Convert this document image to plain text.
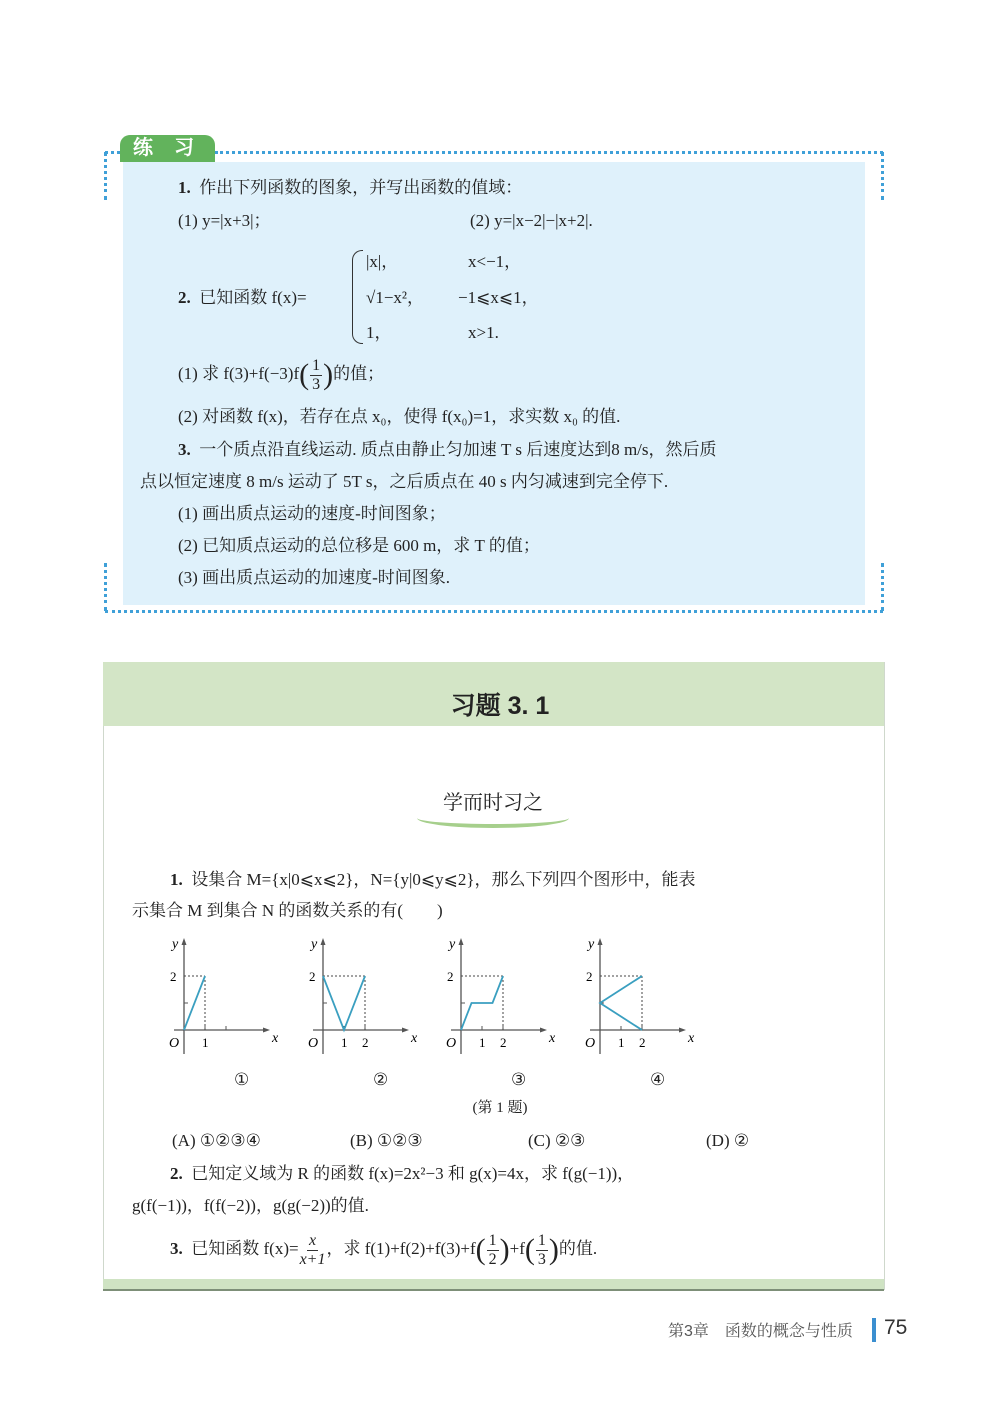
练 习
1. 作出下列函数的图象，并写出函数的值域：
(1) y=|x+3|；	(2) y=|x−2|−|x+2|.
2. 已知函数 f(x)=
|x|，	x<−1，
√1−x²， −1⩽x⩽1，
1，	x>1.
(1) 求 $f(3)+f(-3)f( \frac{1}{3}$ )的值；
(2) 对函数 f(x)，若存在点 x₀，使得 f(x₀)=1，求实数 x₀ 的值.
3. 一个质点沿直线运动. 质点由静止匀加速 T s 后速度达到8 m/s，然后质
点以恒定速度 8 m/s 运动了 5T s，之后质点在 40 s 内匀减速到完全停下.
(1) 画出质点运动的速度-时间图象；
(2) 已知质点运动的总位移是 600 m，求 T 的值；
(3) 画出质点运动的加速度-时间图象.
习题 3. 1
学而时习之
1. 设集合 M={x|0⩽x⩽2}，N={y|0⩽y⩽2}，那么下列四个图形中，能表
示集合 M 到集合 N 的函数关系的有(　　)
2
y
x
O 1
①
2
y
x
O 1 2
②
2
y
x
O 1 2
③
2
y
x
O 1 2
④
(第 1 题)
(A) ①②③④	(B) ①②③	(C) ②③	(D) ②
2. 已知定义域为 R 的函数 f(x)=2x²−3 和 g(x)=4x，求 f(g(−1))，
g(f(−1))，f(f(−2))，g(g(−2))的值.
3. 已知函数 $f(x)= \frac{x}{x+1}$ ，求 $f(1)+f(2)+f(3)+f( \frac{1}{2} )+f( \frac{1}{3}$ )的值.
第3章　函数的概念与性质 75
